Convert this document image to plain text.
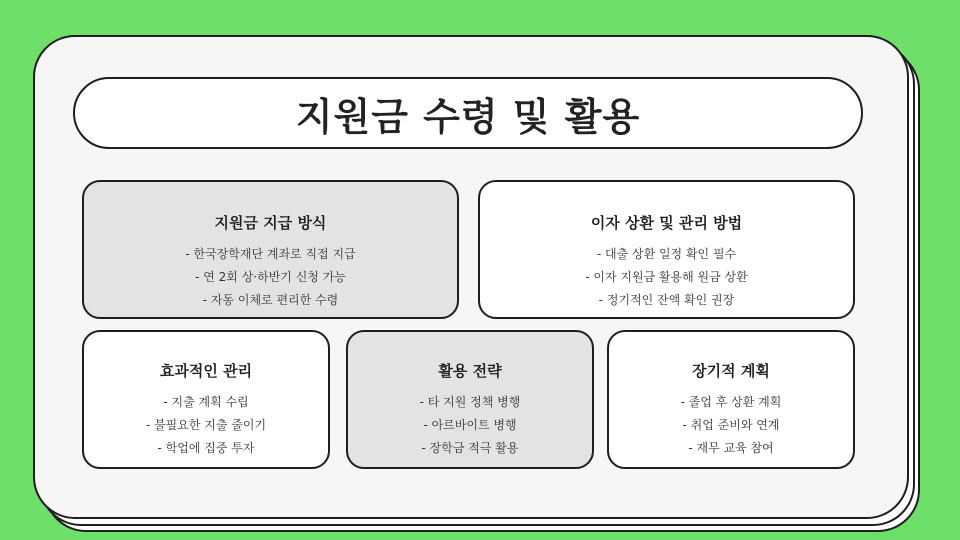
지원금 수령 및 활용
지원금 지급 방식
- 한국장학재단 계좌로 직접 지급
- 연 2회 상·하반기 신청 가능
- 자동 이체로 편리한 수령
이자 상환 및 관리 방법
- 대출 상환 일정 확인 필수
- 이자 지원금 활용해 원금 상환
- 정기적인 잔액 확인 권장
효과적인 관리
- 지출 계획 수립
- 불필요한 지출 줄이기
- 학업에 집중 투자
활용 전략
- 타 지원 정책 병행
- 아르바이트 병행
- 장학금 적극 활용
장기적 계획
- 졸업 후 상환 계획
- 취업 준비와 연계
- 재무 교육 참여
